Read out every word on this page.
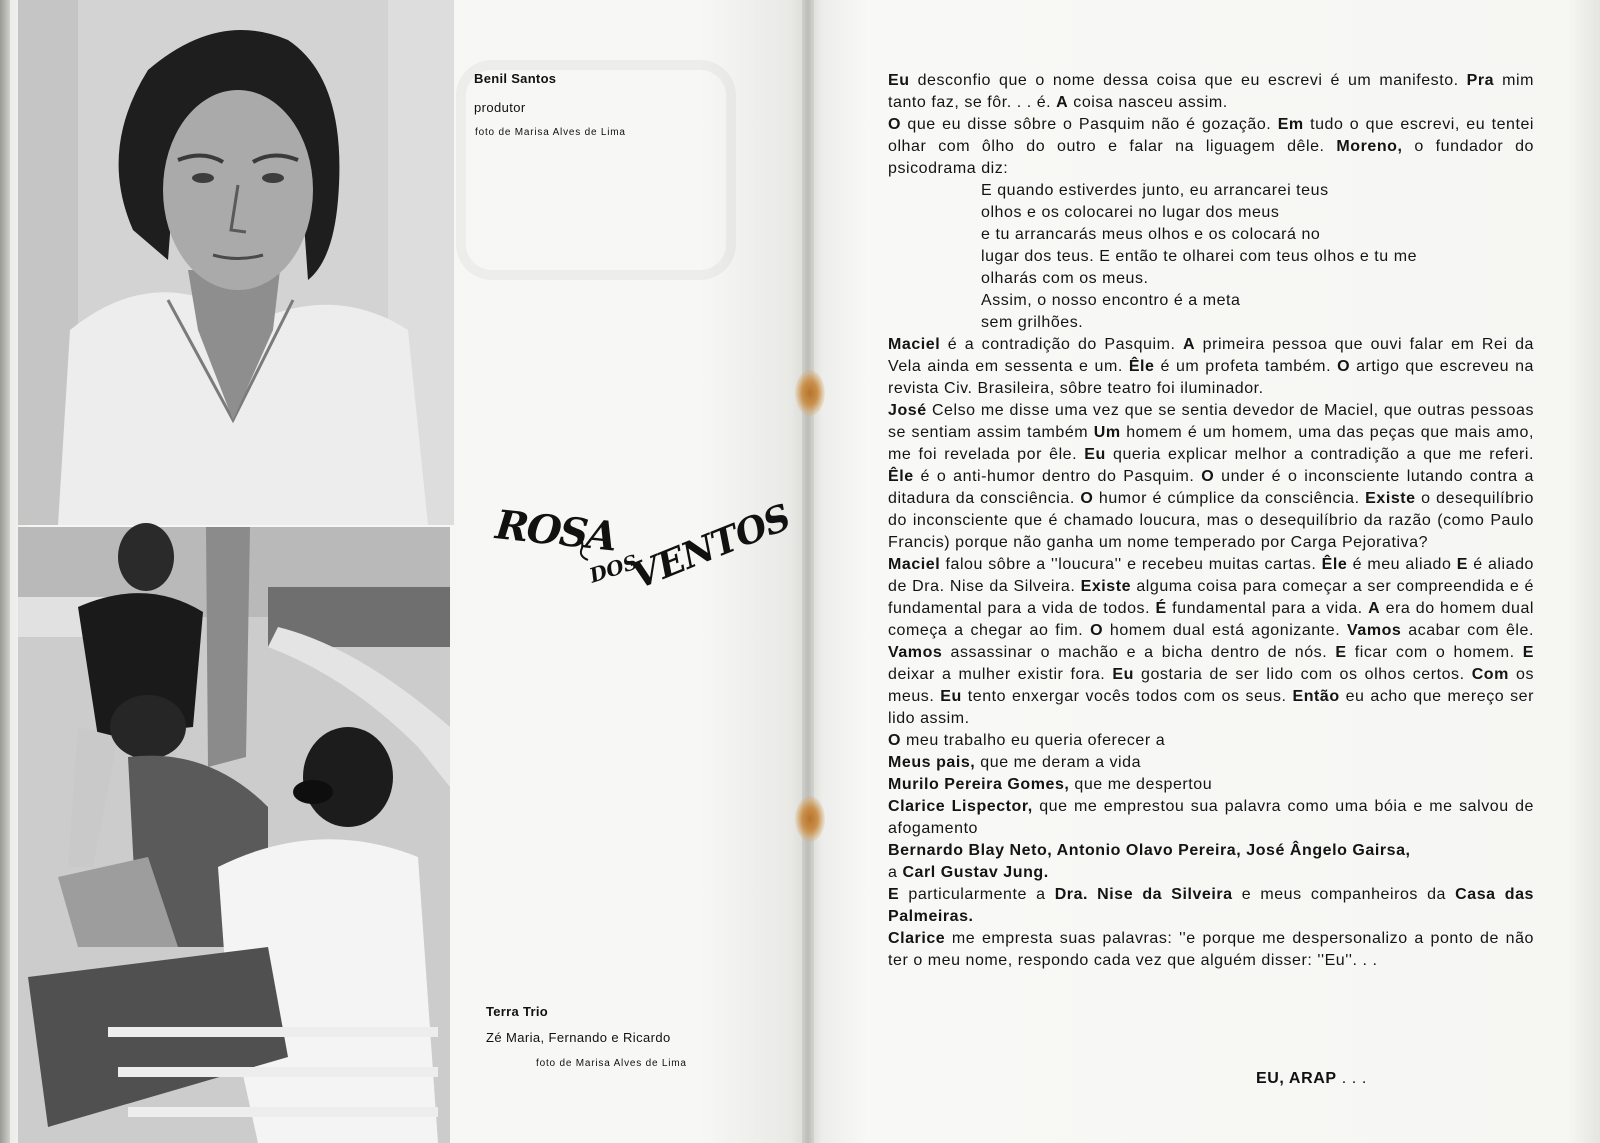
Benil Santos
produtor
foto de Marisa Alves de Lima
ROSA
DOS
VENTOS
Terra Trio
Zé Maria, Fernando e Ricardo
foto de Marisa Alves de Lima

Eu desconfio que o nome dessa coisa que eu escrevi é um manifesto. Pra mim tanto faz, se fôr. . . é. A coisa nasceu assim.

O que eu disse sôbre o Pasquim não é gozação. Em tudo o que escrevi, eu tentei olhar com ôlho do outro e falar na liguagem dêle. Moreno, o fundador do psicodrama diz:

E quando estiverdes junto, eu arrancarei teus
olhos e os colocarei no lugar dos meus
e tu arrancarás meus olhos e os colocará no
lugar dos teus. E então te olharei com teus olhos e tu me
olharás com os meus.
Assim, o nosso encontro é a meta
sem grilhões.

Maciel é a contradição do Pasquim. A primeira pessoa que ouvi falar em Rei da Vela ainda em sessenta e um. Êle é um profeta também. O artigo que escreveu na revista Civ. Brasileira, sôbre teatro foi iluminador.

José Celso me disse uma vez que se sentia devedor de Maciel, que outras pessoas se sentiam assim também Um homem é um homem, uma das peças que mais amo, me foi revelada por êle. Eu queria explicar melhor a contradição a que me referi. Êle é o anti-humor dentro do Pasquim. O under é o inconsciente lutando contra a ditadura da consciência. O humor é cúmplice da consciência. Existe o desequilíbrio do inconsciente que é chamado loucura, mas o desequilíbrio da razão (como Paulo Francis) porque não ganha um nome temperado por Carga Pejorativa?

Maciel falou sôbre a ''loucura'' e recebeu muitas cartas. Êle é meu aliado E é aliado de Dra. Nise da Silveira. Existe alguma coisa para começar a ser compreendida e é fundamental para a vida de todos. É fundamental para a vida. A era do homem dual começa a chegar ao fim. O homem dual está agonizante. Vamos acabar com êle. Vamos assassinar o machão e a bicha dentro de nós. E ficar com o homem. E deixar a mulher existir fora. Eu gostaria de ser lido com os olhos certos. Com os meus. Eu tento enxergar vocês todos com os seus. Então eu acho que mereço ser lido assim.

O meu trabalho eu queria oferecer a

Meus pais, que me deram a vida

Murilo Pereira Gomes, que me despertou

Clarice Lispector, que me emprestou sua palavra como uma bóia e me salvou de afogamento

Bernardo Blay Neto, Antonio Olavo Pereira, José Ângelo Gairsa,

a Carl Gustav Jung.

E particularmente a Dra. Nise da Silveira e meus companheiros da Casa das Palmeiras.

Clarice me empresta suas palavras: ''e porque me despersonalizo a ponto de não ter o meu nome, respondo cada vez que alguém disser: ''Eu''. . .

EU, ARAP . . .
